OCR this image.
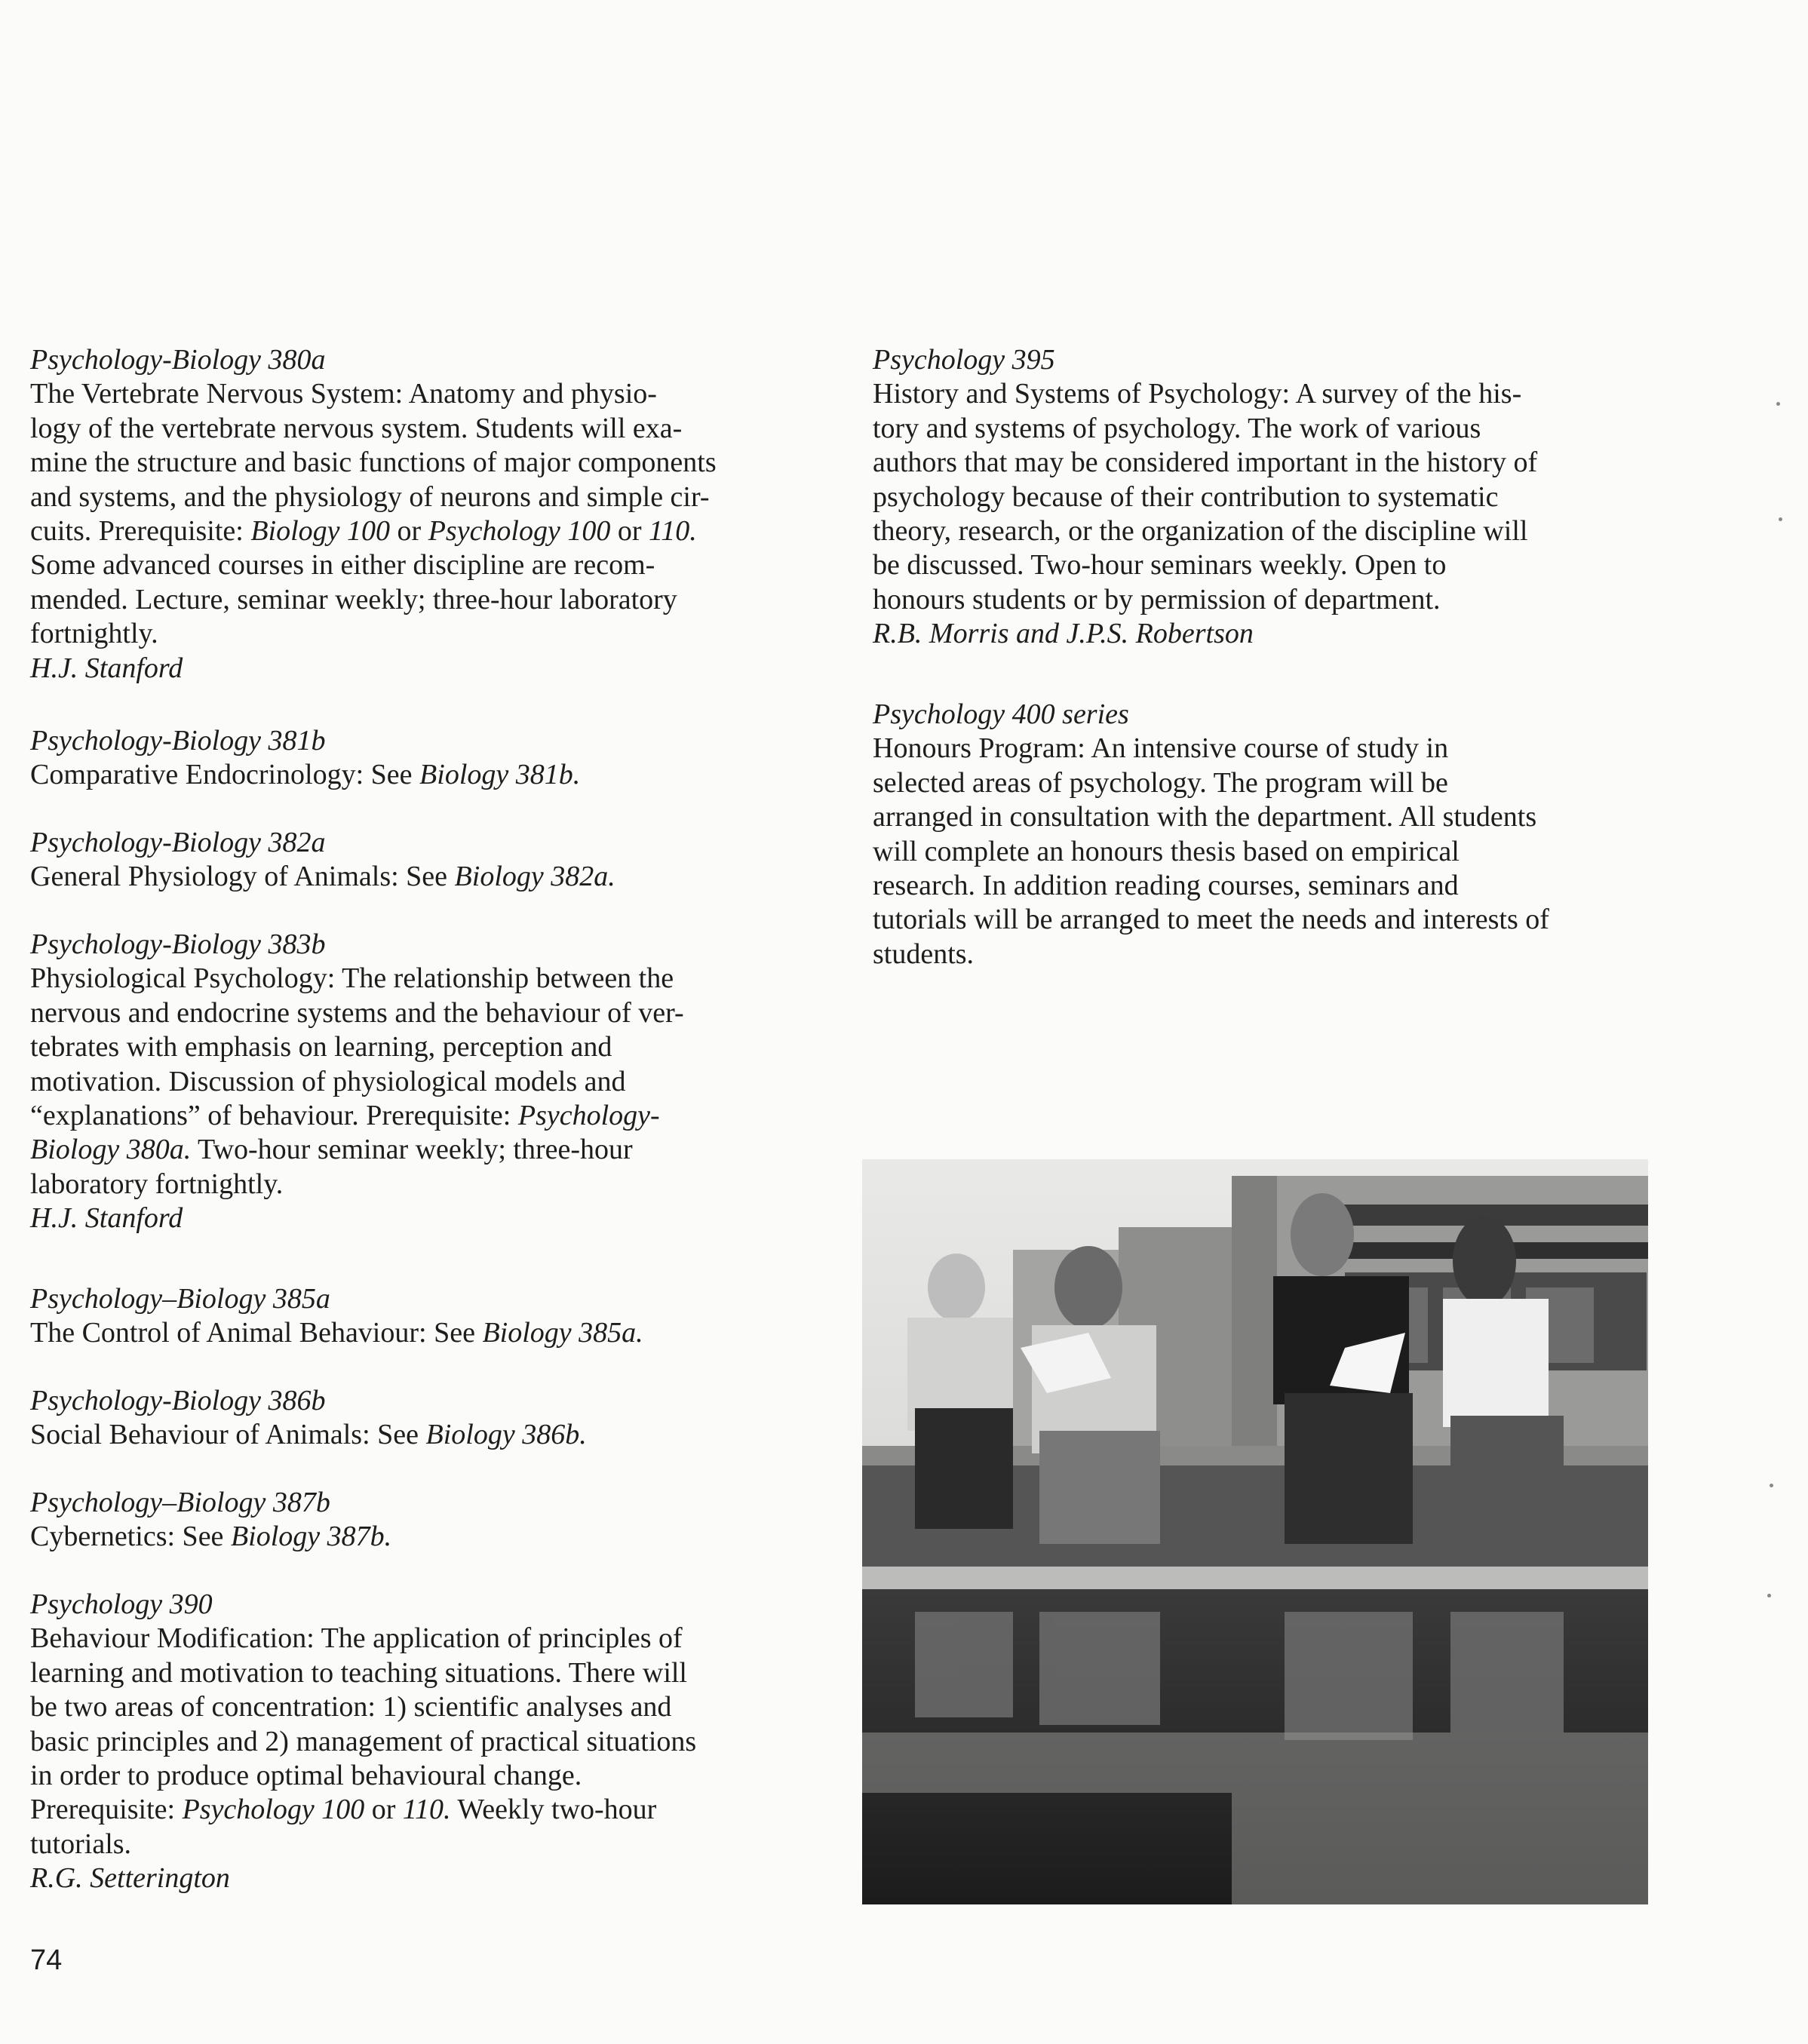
Psychology-Biology 380a
The Vertebrate Nervous System: Anatomy and physio-
logy of the vertebrate nervous system. Students will exa-
mine the structure and basic functions of major components
and systems, and the physiology of neurons and simple cir-
cuits. Prerequisite: Biology 100 or Psychology 100 or 110.
Some advanced courses in either discipline are recom-
mended. Lecture, seminar weekly; three-hour laboratory
fortnightly.
H.J. Stanford
Psychology-Biology 381b
Comparative Endocrinology: See Biology 381b.
Psychology-Biology 382a
General Physiology of Animals: See Biology 382a.
Psychology-Biology 383b
Physiological Psychology: The relationship between the
nervous and endocrine systems and the behaviour of ver-
tebrates with emphasis on learning, perception and
motivation. Discussion of physiological models and
“explanations” of behaviour. Prerequisite: Psychology-
Biology 380a. Two-hour seminar weekly; three-hour
laboratory fortnightly.
H.J. Stanford
Psychology–Biology 385a
The Control of Animal Behaviour: See Biology 385a.
Psychology-Biology 386b
Social Behaviour of Animals: See Biology 386b.
Psychology–Biology 387b
Cybernetics: See Biology 387b.
Psychology 390
Behaviour Modification: The application of principles of
learning and motivation to teaching situations. There will
be two areas of concentration: 1) scientific analyses and
basic principles and 2) management of practical situations
in order to produce optimal behavioural change.
Prerequisite: Psychology 100 or 110. Weekly two-hour
tutorials.
R.G. Setterington
Psychology 395
History and Systems of Psychology: A survey of the his-
tory and systems of psychology. The work of various
authors that may be considered important in the history of
psychology because of their contribution to systematic
theory, research, or the organization of the discipline will
be discussed. Two-hour seminars weekly. Open to
honours students or by permission of department.
R.B. Morris and J.P.S. Robertson
Psychology 400 series
Honours Program: An intensive course of study in
selected areas of psychology. The program will be
arranged in consultation with the department. All students
will complete an honours thesis based on empirical
research. In addition reading courses, seminars and
tutorials will be arranged to meet the needs and interests of
students.
74
